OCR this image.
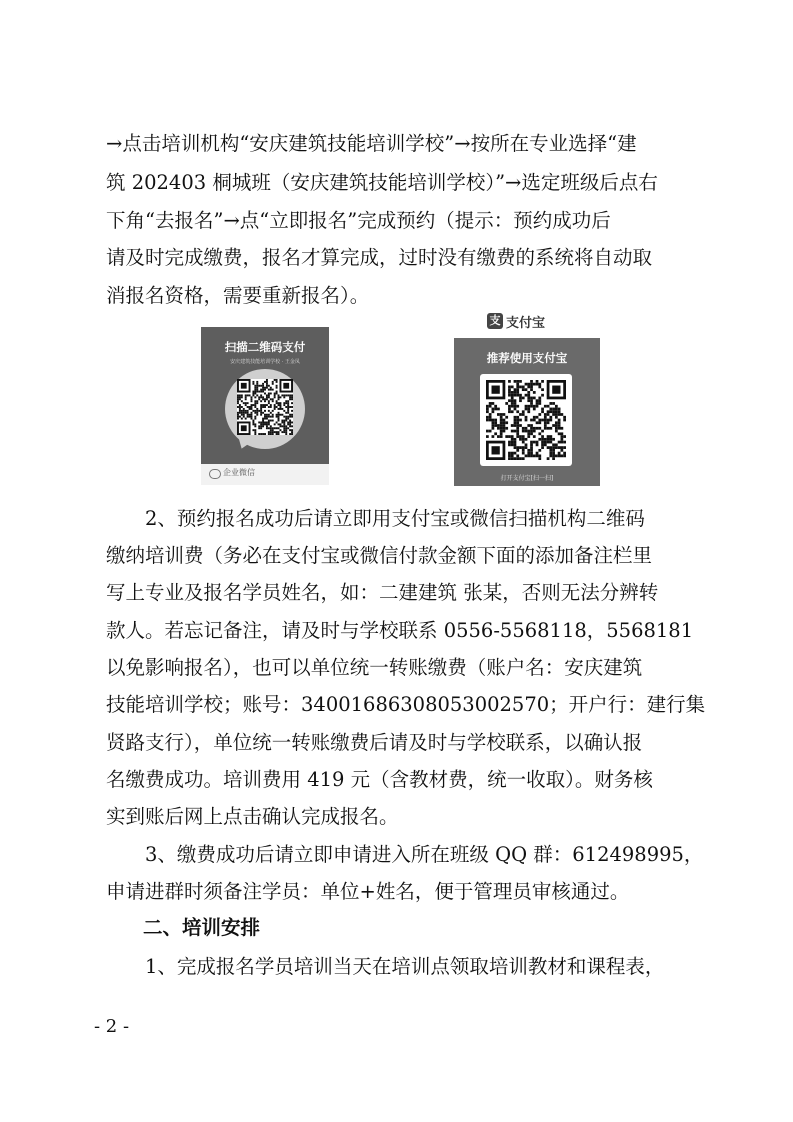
→点击培训机构“安庆建筑技能培训学校”→按所在专业选择“建
筑 202403 桐城班（安庆建筑技能培训学校）”→选定班级后点右
下角“去报名”→点“立即报名”完成预约（提示：预约成功后
请及时完成缴费，报名才算完成，过时没有缴费的系统将自动取
消报名资格，需要重新报名）。
扫描二维码支付
安庆建筑技能培训学校 · 王金凤
企业微信
支 支付宝
推荐使用支付宝
打开支付宝[扫一扫]
2、预约报名成功后请立即用支付宝或微信扫描机构二维码
缴纳培训费（务必在支付宝或微信付款金额下面的添加备注栏里
写上专业及报名学员姓名，如：二建建筑 张某，否则无法分辨转
款人。若忘记备注，请及时与学校联系 0556-5568118，5568181
以免影响报名），也可以单位统一转账缴费（账户名：安庆建筑
技能培训学校；账号：34001686308053002570；开户行：建行集
贤路支行），单位统一转账缴费后请及时与学校联系，以确认报
名缴费成功。培训费用 419 元（含教材费，统一收取）。财务核
实到账后网上点击确认完成报名。
3、缴费成功后请立即申请进入所在班级 QQ 群：612498995，
申请进群时须备注学员：单位+姓名，便于管理员审核通过。
二、培训安排
1、完成报名学员培训当天在培训点领取培训教材和课程表，
- 2 -
